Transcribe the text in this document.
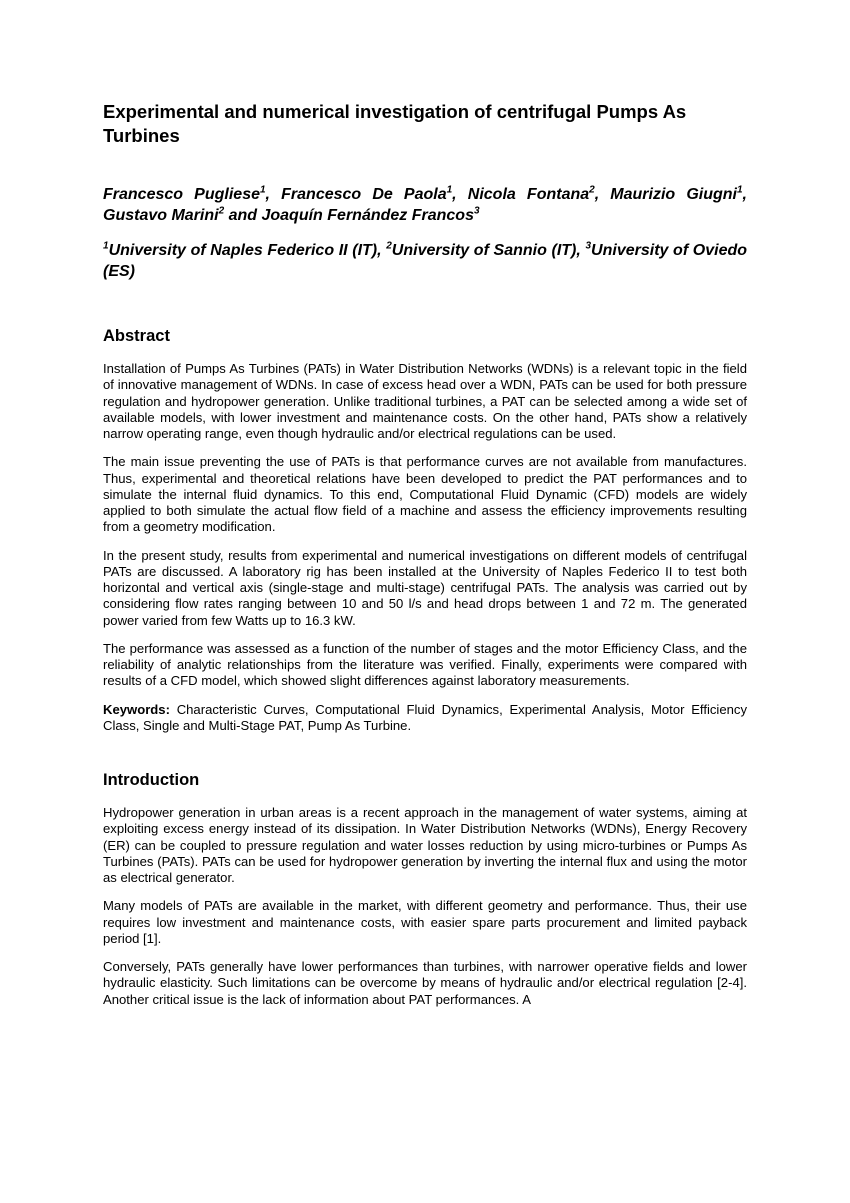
Experimental and numerical investigation of centrifugal Pumps As Turbines
Francesco Pugliese$^1$, Francesco De Paola$^1$, Nicola Fontana$^2$, Maurizio Giugni$^1$, Gustavo Marini$^2$ and Joaquín Fernández Francos$^3$
$^1$University of Naples Federico II (IT), $^2$University of Sannio (IT), $^3$University of Oviedo (ES)
Abstract

Installation of Pumps As Turbines (PATs) in Water Distribution Networks (WDNs) is a relevant topic in the field of innovative management of WDNs. In case of excess head over a WDN, PATs can be used for both pressure regulation and hydropower generation. Unlike traditional turbines, a PAT can be selected among a wide set of available models, with lower investment and maintenance costs. On the other hand, PATs show a relatively narrow operating range, even though hydraulic and/or electrical regulations can be used.

The main issue preventing the use of PATs is that performance curves are not available from manufactures. Thus, experimental and theoretical relations have been developed to predict the PAT performances and to simulate the internal fluid dynamics. To this end, Computational Fluid Dynamic (CFD) models are widely applied to both simulate the actual flow field of a machine and assess the efficiency improvements resulting from a geometry modification.

In the present study, results from experimental and numerical investigations on different models of centrifugal PATs are discussed. A laboratory rig has been installed at the University of Naples Federico II to test both horizontal and vertical axis (single-stage and multi-stage) centrifugal PATs. The analysis was carried out by considering flow rates ranging between 10 and 50 l/s and head drops between 1 and 72 m. The generated power varied from few Watts up to 16.3 kW.

The performance was assessed as a function of the number of stages and the motor Efficiency Class, and the reliability of analytic relationships from the literature was verified. Finally, experiments were compared with results of a CFD model, which showed slight differences against laboratory measurements.

Keywords: Characteristic Curves, Computational Fluid Dynamics, Experimental Analysis, Motor Efficiency Class, Single and Multi-Stage PAT, Pump As Turbine.

Introduction

Hydropower generation in urban areas is a recent approach in the management of water systems, aiming at exploiting excess energy instead of its dissipation. In Water Distribution Networks (WDNs), Energy Recovery (ER) can be coupled to pressure regulation and water losses reduction by using micro-turbines or Pumps As Turbines (PATs). PATs can be used for hydropower generation by inverting the internal flux and using the motor as electrical generator.

Many models of PATs are available in the market, with different geometry and performance. Thus, their use requires low investment and maintenance costs, with easier spare parts procurement and limited payback period [1].

Conversely, PATs generally have lower performances than turbines, with narrower operative fields and lower hydraulic elasticity. Such limitations can be overcome by means of hydraulic and/or electrical regulation [2-4]. Another critical issue is the lack of information about PAT performances. A
